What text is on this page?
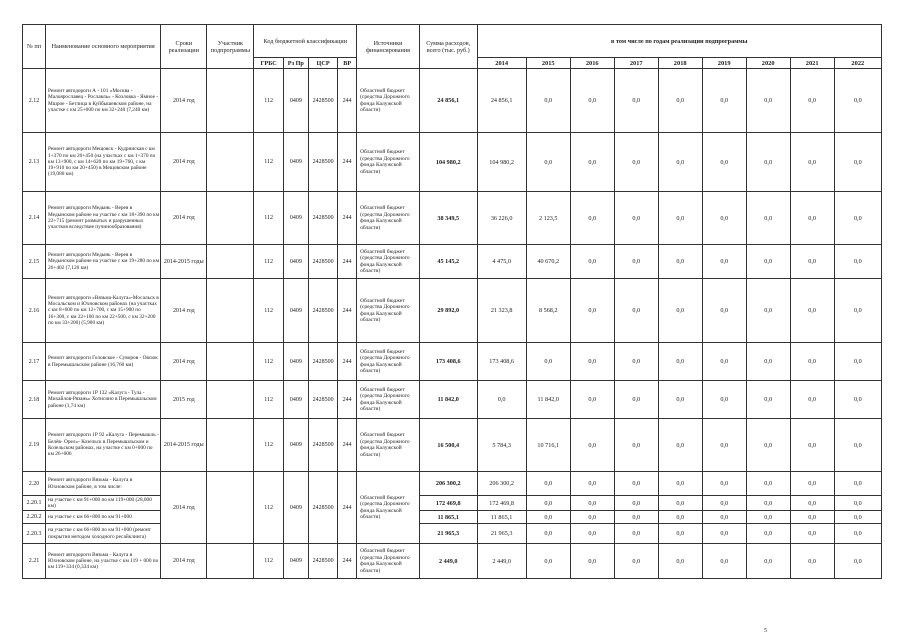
№ пп	Наименование основного мероприятия	Сроки реализации	Участник подпрограммы	Код бюджетной классификации				Источники финансирования	Сумма расходов, всего (тыс. руб.)	в том числе по годам реализации подпрограммы								
				ГРБС	Рз Пр	ЦСР	ВР			2014	2015	2016	2017	2018	2019	2020	2021	2022
2.12	Ремонт автодороги А - 101 «Москва - Малоярославец - Рославль» - Козловка - Ямное - Мшрое - Бетлица в Куйбышевском районе, на участке с км 25+000 по км 32+240 (7,240 км)	2014 год		112	0409	2428500	244	Областной бюджет (средства Дорожного фонда Калужской области)	24 856,1	24 856,1	0,0	0,0	0,0	0,0	0,0	0,0	0,0	0,0
2.13	Ремонт автодороги Мещовск - Кудринская с км 1+370 по км 20+450 (на участках с км 1+370 по км 13+900, с км 14+620 по км 19+760, с км 19+910 по км 20+450) в Мещовском районе (19,080 км)	2014 год		112	0409	2428500	244	Областной бюджет (средства Дорожного фонда Калужской области)	104 980,2	104 980,2	0,0	0,0	0,0	0,0	0,0	0,0	0,0	0,0
2.14	Ремонт автодороги Медынь - Верея в Медынском районе на участке с км 18+390 по км 22+715 (ремонт размытых и разрушенных участков вследствие пучинообразования)	2014 год		112	0409	2428500	244	Областной бюджет (средства Дорожного фонда Калужской области)	38 349,5	36 226,0	2 123,5	0,0	0,0	0,0	0,0	0,0	0,0	0,0
2.15	Ремонт автодороги Медынь - Верея в Медынском районе на участке с км 19+280 по км 26+402 (7,120 км)	2014-2015 годы		112	0409	2428500	244	Областной бюджет (средства Дорожного фонда Калужской области)	45 145,2	4 475,0	40 670,2	0,0	0,0	0,0	0,0	0,0	0,0	0,0
2.16	Ремонт автодороги «Вязьма-Калуга»-Мосальск в Мосальском и Юхновском районах (на участках с км 8+600 по км 12+700, с км 15+900 по 16+300, с км 22+100 по км 22+500, с км 32+200 по км 33+200) (5,900 км)	2014 год		112	0409	2428500	244	Областной бюджет (средства Дорожного фонда Калужской области)	29 892,0	21 323,8	8 568,2	0,0	0,0	0,0	0,0	0,0	0,0	0,0
2.17	Ремонт автодороги Головское - Суворов - Овсюк в Перемышльском районе (16,760 км)	2014 год		112	0409	2428500	244	Областной бюджет (средства Дорожного фонда Калужской области)	173 408,6	173 408,6	0,0	0,0	0,0	0,0	0,0	0,0	0,0	0,0
2.18	Ремонт автодороги 1Р 132 «Калуга - Тула - Михайлов-Рязань» Хотисино в Перемышльском районе (1,74 км)	2015 год		112	0409	2428500	244	Областной бюджет (средства Дорожного фонда Калужской области)	11 842,0	0,0	11 842,0	0,0	0,0	0,0	0,0	0,0	0,0	0,0
2.19	Ремонт автодороги 1Р 92 «Калуга - Перемышль - Белёв- Орел»- Козельск в Перемышльском и Козельском районах, на участке с км 0+000 по км 26+006	2014-2015 годы		112	0409	2428500	244	Областной бюджет (средства Дорожного фонда Калужской области)	16 500,4	5 784,3	10 716,1	0,0	0,0	0,0	0,0	0,0	0,0	0,0
2.20	Ремонт автодороги Вязьма - Калуга в Юхновском районе, в том числе:	2014 год		112	0409	2428500	244	Областной бюджет (средства Дорожного фонда Калужской области)	206 300,2	206 300,2	0,0	0,0	0,0	0,0	0,0	0,0	0,0	0,0
2.20.1	на участке с км 91+000 по км 119+000 (28,000 км)								172 469,8	172 469,8	0,0	0,0	0,0	0,0	0,0	0,0	0,0	0,0
2.20.2	на участке с км 66+800 по км 91+000								11 865,1	11 865,1	0,0	0,0	0,0	0,0	0,0	0,0	0,0	0,0
2.20.3	на участке с км 66+800 по км 91+000 (ремонт покрытия методом холодного ресайклинга)								21 965,3	21 965,3	0,0	0,0	0,0	0,0	0,0	0,0	0,0	0,0
2.21	Ремонт автодороги Вязьма - Калуга в Юхновском районе, на участке с км 119 + 000 по км 119+334 (0,334 км)	2014 год		112	0409	2428500	244	Областной бюджет (средства Дорожного фонда Калужской области)	2 449,0	2 449,0	0,0	0,0	0,0	0,0	0,0	0,0	0,0	0,0
5
